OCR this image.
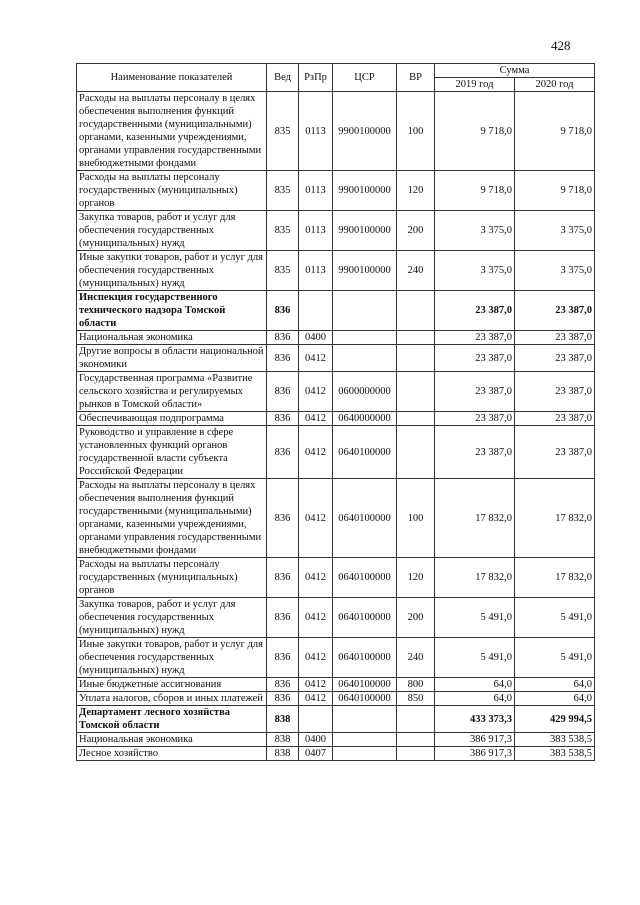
428
Наименование показателей	Вед	РзПр	ЦСР	ВР	Сумма	
					2019 год	2020 год
Расходы на выплаты персоналу в целях обеспечения выполнения функций государственными (муниципальными) органами, казенными учреждениями, органами управления государственными внебюджетными фондами	835	0113	9900100000	100	9 718,0	9 718,0
Расходы на выплаты персоналу государственных (муниципальных) органов	835	0113	9900100000	120	9 718,0	9 718,0
Закупка товаров, работ и услуг для обеспечения государственных (муниципальных) нужд	835	0113	9900100000	200	3 375,0	3 375,0
Иные закупки товаров, работ и услуг для обеспечения государственных (муниципальных) нужд	835	0113	9900100000	240	3 375,0	3 375,0
Инспекция государственного технического надзора Томской области	836				23 387,0	23 387,0
Национальная экономика	836	0400			23 387,0	23 387,0
Другие вопросы в области национальной экономики	836	0412			23 387,0	23 387,0
Государственная программа «Развитие сельского хозяйства и регулируемых рынков в Томской области»	836	0412	0600000000		23 387,0	23 387,0
Обеспечивающая подпрограмма	836	0412	0640000000		23 387,0	23 387,0
Руководство и управление в сфере установленных функций органов государственной власти субъекта Российской Федерации	836	0412	0640100000		23 387,0	23 387,0
Расходы на выплаты персоналу в целях обеспечения выполнения функций государственными (муниципальными) органами, казенными учреждениями, органами управления государственными внебюджетными фондами	836	0412	0640100000	100	17 832,0	17 832,0
Расходы на выплаты персоналу государственных (муниципальных) органов	836	0412	0640100000	120	17 832,0	17 832,0
Закупка товаров, работ и услуг для обеспечения государственных (муниципальных) нужд	836	0412	0640100000	200	5 491,0	5 491,0
Иные закупки товаров, работ и услуг для обеспечения государственных (муниципальных) нужд	836	0412	0640100000	240	5 491,0	5 491,0
Иные бюджетные ассигнования	836	0412	0640100000	800	64,0	64,0
Уплата налогов, сборов и иных платежей	836	0412	0640100000	850	64,0	64,0
Департамент лесного хозяйства Томской области	838				433 373,3	429 994,5
Национальная экономика	838	0400			386 917,3	383 538,5
Лесное хозяйство	838	0407			386 917,3	383 538,5
